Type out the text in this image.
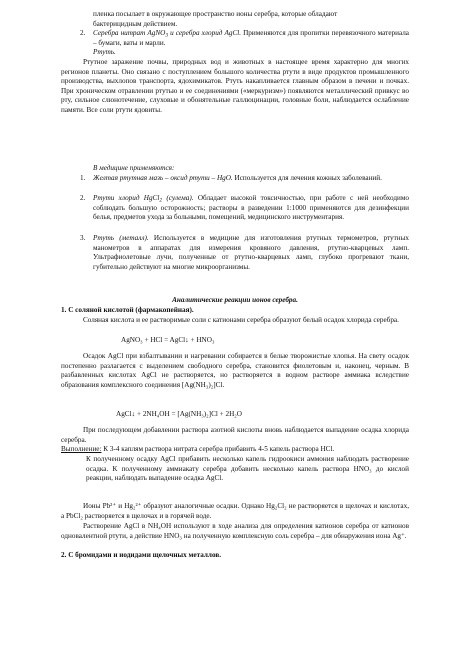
пленка посылает в окружающее пространство ионы серебра, которые обладают

бактерицидным действием.

2. Серебра нитрат AgNO$_3$ и серебра хлорид AgCl. Применяются для пропитки перевязочного материала – бумаги, ваты и марли.
Ртуть.
Ртутное заражение почвы, природных вод и животных в настоящее время характерно для многих регионов планеты. Оно связано с поступлением большого количества ртути в виде продуктов промышленного производства, выхлопов транспорта, ядохимикатов. Ртуть накапливается главным образом в печени и почках. При хроническом отравлении ртутью и ее соединениями («меркуризм») появляются металлический привкус во рту, сильное слюнотечение, слуховые и обонятельные галлюцинации, головные боли, наблюдается ослабление памяти. Все соли ртути ядовиты.
В медицине применяются:
1. Желтая ртутная мазь – оксид ртути – HgO. Используется для лечения кожных заболеваний.
2. Ртути хлорид HgCl$_2$ (сулема). Обладает высокой токсичностью, при работе с ней необходимо соблюдать большую осторожность; растворы в разведении 1:1000 применяются для дезинфекции белья, предметов ухода за больными, помещений, медицинского инструментария.
3. Ртуть (металл). Используется в медицине для изготовления ртутных термометров, ртутных манометров в аппаратах для измерения кровяного давления, ртутно-кварцевых ламп. Ультрафиолетовые лучи, полученные от ртутно-кварцевых ламп, глубоко прогревают ткани, губительно действуют на многие микроорганизмы.
Аналитические реакции ионов серебра.
1. С соляной кислотой (фармакопейная).
Соляная кислота и ее растворимые соли с катионами серебра образуют белый осадок хлорида серебра.
AgNO₃ + HCl = AgCl↓ + HNO₃
Осадок AgCl при взбалтывании и нагревании собирается в белые творожистые хлопья. На свету осадок постепенно разлагается с выделением свободного серебра, становится фиолетовым и, наконец, черным. В разбавленных кислотах AgCl не растворяется, но растворяется в водном растворе аммиака вследствие образования комплексного соединения [Ag(NH₃)₂]Cl.
AgCl↓ + 2NH₄OH = [Ag(NH₃)₂]Cl + 2H₂O
При последующем добавлении раствора азотной кислоты вновь наблюдается выпадение осадка хлорида серебра.
Выполнение: К 3-4 каплям раствора нитрата серебра прибавить 4-5 капель раствора HCl.
К полученному осадку AgCl прибавить несколько капель гидроокиси аммония наблюдать растворение осадка. К полученному аммиакату серебра добавить несколько капель раствора HNO₃ до кислой реакции, наблюдать выпадение осадка AgCl.
Ионы Pb²⁺ и Hg₂²⁺ образуют аналогичные осадки. Однако Hg₂Cl₂ не растворяется в щелочах и кислотах, а PbCl₂ растворяется в щелочах и в горячей воде.
Растворение AgCl в NH₄OH используют в ходе анализа для определения катионов серебра от катионов одновалентной ртути, а действие HNO₃ на полученную комплексную соль серебра – для обнаружения иона Ag⁺.
2. С бромидами и иодидами щелочных металлов.
